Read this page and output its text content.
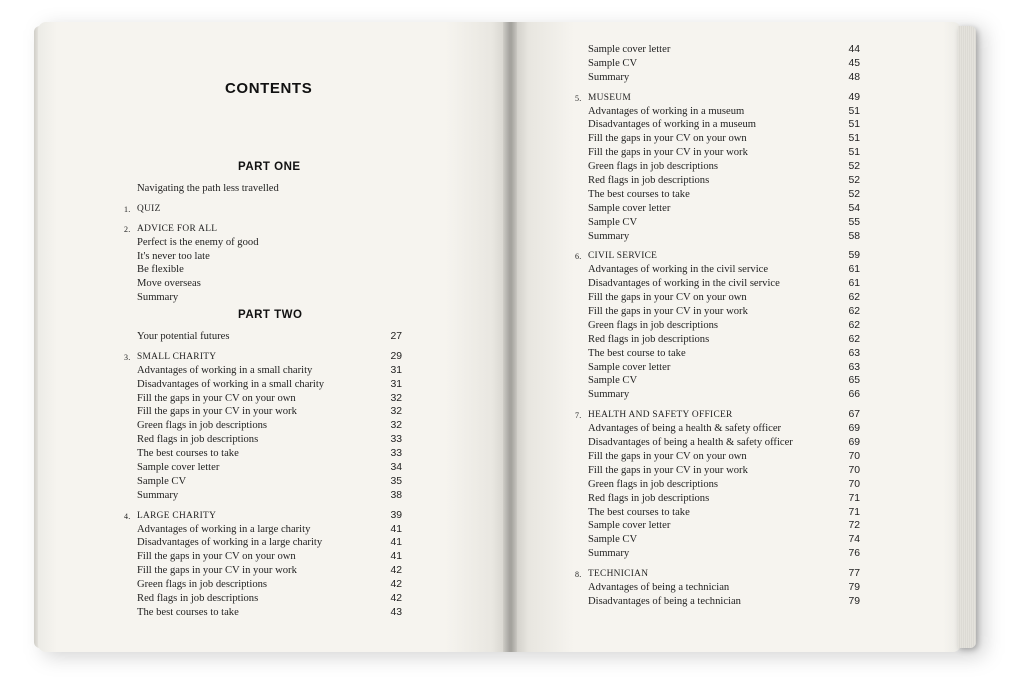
CONTENTS
PART ONE
Navigating the path less travelled
1. QUIZ
2. ADVICE FOR ALL
Perfect is the enemy of good
It's never too late
Be flexible
Move overseas
Summary
PART TWO
Your potential futures	27
3. SMALL CHARITY	29
Advantages of working in a small charity	31
Disadvantages of working in a small charity	31
Fill the gaps in your CV on your own	32
Fill the gaps in your CV in your work	32
Green flags in job descriptions	32
Red flags in job descriptions	33
The best courses to take	33
Sample cover letter	34
Sample CV	35
Summary	38
4. LARGE CHARITY	39
Advantages of working in a large charity	41
Disadvantages of working in a large charity	41
Fill the gaps in your CV on your own	41
Fill the gaps in your CV in your work	42
Green flags in job descriptions	42
Red flags in job descriptions	42
The best courses to take	43
Sample cover letter	44
Sample CV	45
Summary	48
5. MUSEUM	49
Advantages of working in a museum	51
Disadvantages of working in a museum	51
Fill the gaps in your CV on your own	51
Fill the gaps in your CV in your work	51
Green flags in job descriptions	52
Red flags in job descriptions	52
The best courses to take	52
Sample cover letter	54
Sample CV	55
Summary	58
6. CIVIL SERVICE	59
Advantages of working in the civil service	61
Disadvantages of working in the civil service	61
Fill the gaps in your CV on your own	62
Fill the gaps in your CV in your work	62
Green flags in job descriptions	62
Red flags in job descriptions	62
The best course to take	63
Sample cover letter	63
Sample CV	65
Summary	66
7. HEALTH AND SAFETY OFFICER	67
Advantages of being a health & safety officer	69
Disadvantages of being a health & safety officer	69
Fill the gaps in your CV on your own	70
Fill the gaps in your CV in your work	70
Green flags in job descriptions	70
Red flags in job descriptions	71
The best courses to take	71
Sample cover letter	72
Sample CV	74
Summary	76
8. TECHNICIAN	77
Advantages of being a technician	79
Disadvantages of being a technician	79
